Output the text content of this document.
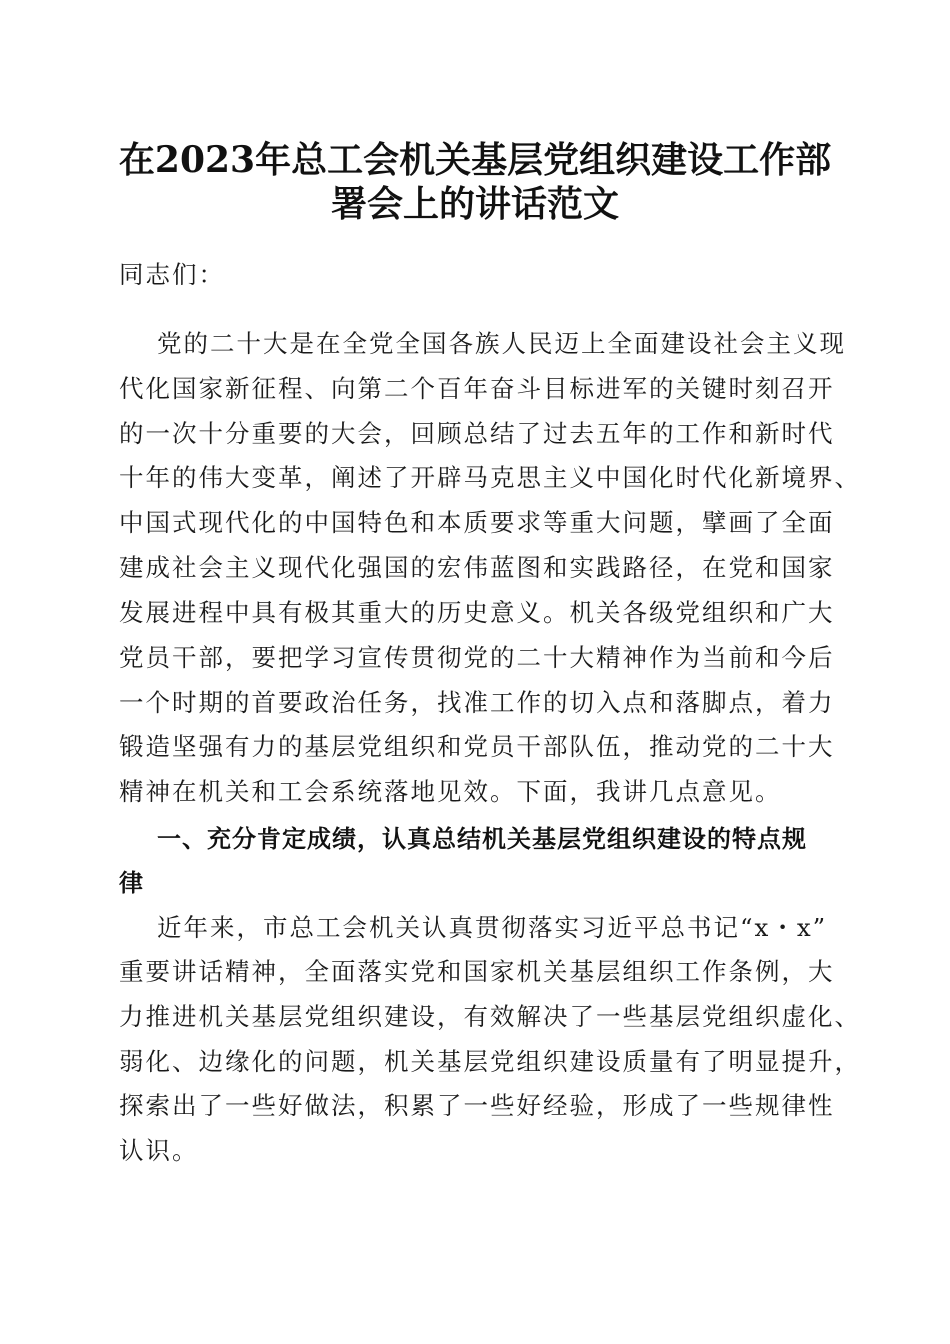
在2023年总工会机关基层党组织建设工作部
署会上的讲话范文

同志们：

党的二十大是在全党全国各族人民迈上全面建设社会主义现

代化国家新征程、向第二个百年奋斗目标进军的关键时刻召开

的一次十分重要的大会，回顾总结了过去五年的工作和新时代

十年的伟大变革，阐述了开辟马克思主义中国化时代化新境界、

中国式现代化的中国特色和本质要求等重大问题，擘画了全面

建成社会主义现代化强国的宏伟蓝图和实践路径，在党和国家

发展进程中具有极其重大的历史意义。机关各级党组织和广大

党员干部，要把学习宣传贯彻党的二十大精神作为当前和今后

一个时期的首要政治任务，找准工作的切入点和落脚点，着力

锻造坚强有力的基层党组织和党员干部队伍，推动党的二十大

精神在机关和工会系统落地见效。下面，我讲几点意见。

一、充分肯定成绩，认真总结机关基层党组织建设的特点规

律

近年来，市总工会机关认真贯彻落实习近平总书记“x・x”

重要讲话精神，全面落实党和国家机关基层组织工作条例，大

力推进机关基层党组织建设，有效解决了一些基层党组织虚化、

弱化、边缘化的问题，机关基层党组织建设质量有了明显提升，

探索出了一些好做法，积累了一些好经验，形成了一些规律性

认识。
